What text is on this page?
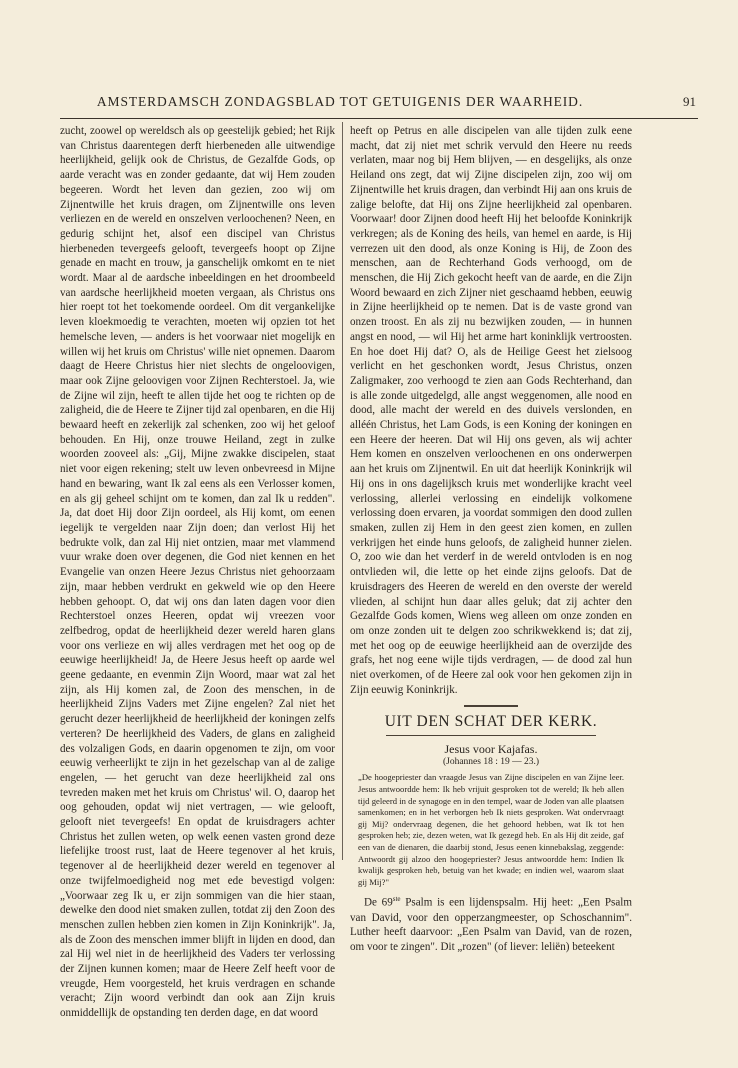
AMSTERDAMSCH ZONDAGSBLAD TOT GETUIGENIS DER WAARHEID.	91

zucht, zoowel op wereldsch als op geestelijk gebied; het Rijk van Christus daarentegen derft hierbeneden alle uitwendige heerlijkheid, gelijk ook de Christus, de Gezalfde Gods, op aarde veracht was en zonder gedaante, dat wij Hem zouden begeeren. Wordt het leven dan gezien, zoo wij om Zijnentwille het kruis dragen, om Zijnentwille ons leven verliezen en de wereld en onszelven verloochenen? Neen, en gedurig schijnt het, alsof een discipel van Christus hierbeneden tevergeefs gelooft, tevergeefs hoopt op Zijne genade en macht en trouw, ja ganschelijk omkomt en te niet wordt. Maar al de aardsche inbeeldingen en het droombeeld van aardsche heerlijkheid moeten vergaan, als Christus ons hier roept tot het toekomende oordeel. Om dit vergankelijke leven kloekmoedig te verachten, moeten wij opzien tot het hemelsche leven, — anders is het voorwaar niet mogelijk en willen wij het kruis om Christus' wille niet opnemen. Daarom daagt de Heere Christus hier niet slechts de ongeloovigen, maar ook Zijne geloovigen voor Zijnen Rechterstoel. Ja, wie de Zijne wil zijn, heeft te allen tijde het oog te richten op de zaligheid, die de Heere te Zijner tijd zal openbaren, en die Hij bewaard heeft en zekerlijk zal schenken, zoo wij het geloof behouden. En Hij, onze trouwe Heiland, zegt in zulke woorden zooveel als: „Gij, Mijne zwakke discipelen, staat niet voor eigen rekening; stelt uw leven onbevreesd in Mijne hand en bewaring, want Ik zal eens als een Verlosser komen, en als gij geheel schijnt om te komen, dan zal Ik u redden". Ja, dat doet Hij door Zijn oordeel, als Hij komt, om eenen iegelijk te vergelden naar Zijn doen; dan verlost Hij het bedrukte volk, dan zal Hij niet ontzien, maar met vlammend vuur wrake doen over degenen, die God niet kennen en het Evangelie van onzen Heere Jezus Christus niet gehoorzaam zijn, maar hebben verdrukt en gekweld wie op den Heere hebben gehoopt. O, dat wij ons dan laten dagen voor dien Rechterstoel onzes Heeren, opdat wij vreezen voor zelfbedrog, opdat de heerlijkheid dezer wereld haren glans voor ons verlieze en wij alles verdragen met het oog op de eeuwige heerlijkheid! Ja, de Heere Jesus heeft op aarde wel geene gedaante, en evenmin Zijn Woord, maar wat zal het zijn, als Hij komen zal, de Zoon des menschen, in de heerlijkheid Zijns Vaders met Zijne engelen? Zal niet het gerucht dezer heerlijkheid de heerlijkheid der koningen zelfs verteren? De heerlijkheid des Vaders, de glans en zaligheid des volzaligen Gods, en daarin opgenomen te zijn, om voor eeuwig verheerlijkt te zijn in het gezelschap van al de zalige engelen, — het gerucht van deze heerlijkheid zal ons tevreden maken met het kruis om Christus' wil. O, daarop het oog gehouden, opdat wij niet vertragen, — wie gelooft, gelooft niet tevergeefs! En opdat de kruisdragers achter Christus het zullen weten, op welk eenen vasten grond deze liefelijke troost rust, laat de Heere tegenover al het kruis, tegenover al de heerlijkheid dezer wereld en tegenover al onze twijfelmoedigheid nog met ede bevestigd volgen: „Voorwaar zeg Ik u, er zijn sommigen van die hier staan, dewelke den dood niet smaken zullen, totdat zij den Zoon des menschen zullen hebben zien komen in Zijn Koninkrijk". Ja, als de Zoon des menschen immer blijft in lijden en dood, dan zal Hij wel niet in de heerlijkheid des Vaders ter verlossing der Zijnen kunnen komen; maar de Heere Zelf heeft voor de vreugde, Hem voorgesteld, het kruis verdragen en schande veracht; Zijn woord verbindt dan ook aan Zijn kruis onmiddellijk de opstanding ten derden dage, en dat woord

heeft op Petrus en alle discipelen van alle tijden zulk eene macht, dat zij niet met schrik vervuld den Heere nu reeds verlaten, maar nog bij Hem blijven, — en desgelijks, als onze Heiland ons zegt, dat wij Zijne discipelen zijn, zoo wij om Zijnentwille het kruis dragen, dan verbindt Hij aan ons kruis de zalige belofte, dat Hij ons Zijne heerlijkheid zal openbaren. Voorwaar! door Zijnen dood heeft Hij het beloofde Koninkrijk verkregen; als de Koning des heils, van hemel en aarde, is Hij verrezen uit den dood, als onze Koning is Hij, de Zoon des menschen, aan de Rechterhand Gods verhoogd, om de menschen, die Hij Zich gekocht heeft van de aarde, en die Zijn Woord bewaard en zich Zijner niet geschaamd hebben, eeuwig in Zijne heerlijkheid op te nemen. Dat is de vaste grond van onzen troost. En als zij nu bezwijken zouden, — in hunnen angst en nood, — wil Hij het arme hart koninklijk vertroosten. En hoe doet Hij dat? O, als de Heilige Geest het zielsoog verlicht en het geschonken wordt, Jesus Christus, onzen Zaligmaker, zoo verhoogd te zien aan Gods Rechterhand, dan is alle zonde uitgedelgd, alle angst weggenomen, alle nood en dood, alle macht der wereld en des duivels verslonden, en alléén Christus, het Lam Gods, is een Koning der koningen en een Heere der heeren. Dat wil Hij ons geven, als wij achter Hem komen en onszelven verloochenen en ons onderwerpen aan het kruis om Zijnentwil. En uit dat heerlijk Koninkrijk wil Hij ons in ons dagelijksch kruis met wonderlijke kracht veel verlossing, allerlei verlossing en eindelijk volkomene verlossing doen ervaren, ja voordat sommigen den dood zullen smaken, zullen zij Hem in den geest zien komen, en zullen verkrijgen het einde huns geloofs, de zaligheid hunner zielen. O, zoo wie dan het verderf in de wereld ontvloden is en nog ontvlieden wil, die lette op het einde zijns geloofs. Dat de kruisdragers des Heeren de wereld en den overste der wereld vlieden, al schijnt hun daar alles geluk; dat zij achter den Gezalfde Gods komen, Wiens weg alleen om onze zonden en om onze zonden uit te delgen zoo schrikwekkend is; dat zij, met het oog op de eeuwige heerlijkheid aan de overzijde des grafs, het nog eene wijle tijds verdragen, — de dood zal hun niet overkomen, of de Heere zal ook voor hen gekomen zijn in Zijn eeuwig Koninkrijk.

UIT DEN SCHAT DER KERK.
Jesus voor Kajafas.
(Johannes 18 : 19 — 23.)
„De hoogepriester dan vraagde Jesus van Zijne discipelen en van Zijne leer. Jesus antwoordde hem: Ik heb vrijuit gesproken tot de wereld; Ik heb allen tijd geleerd in de synagoge en in den tempel, waar de Joden van alle plaatsen samenkomen; en in het verborgen heb Ik niets gesproken. Wat ondervraagt gij Mij? ondervraag degenen, die het gehoord hebben, wat Ik tot hen gesproken heb; zie, dezen weten, wat Ik gezegd heb. En als Hij dit zeide, gaf een van de dienaren, die daarbij stond, Jesus eenen kinnebakslag, zeggende: Antwoordt gij alzoo den hoogepriester? Jesus antwoordde hem: Indien Ik kwalijk gesproken heb, betuig van het kwade; en indien wel, waarom slaat gij Mij?"

De 69ste Psalm is een lijdenspsalm. Hij heet: „Een Psalm van David, voor den opperzangmeester, op Schoschannim". Luther heeft daarvoor: „Een Psalm van David, van de rozen, om voor te zingen". Dit „rozen" (of liever: leliën) beteekent
